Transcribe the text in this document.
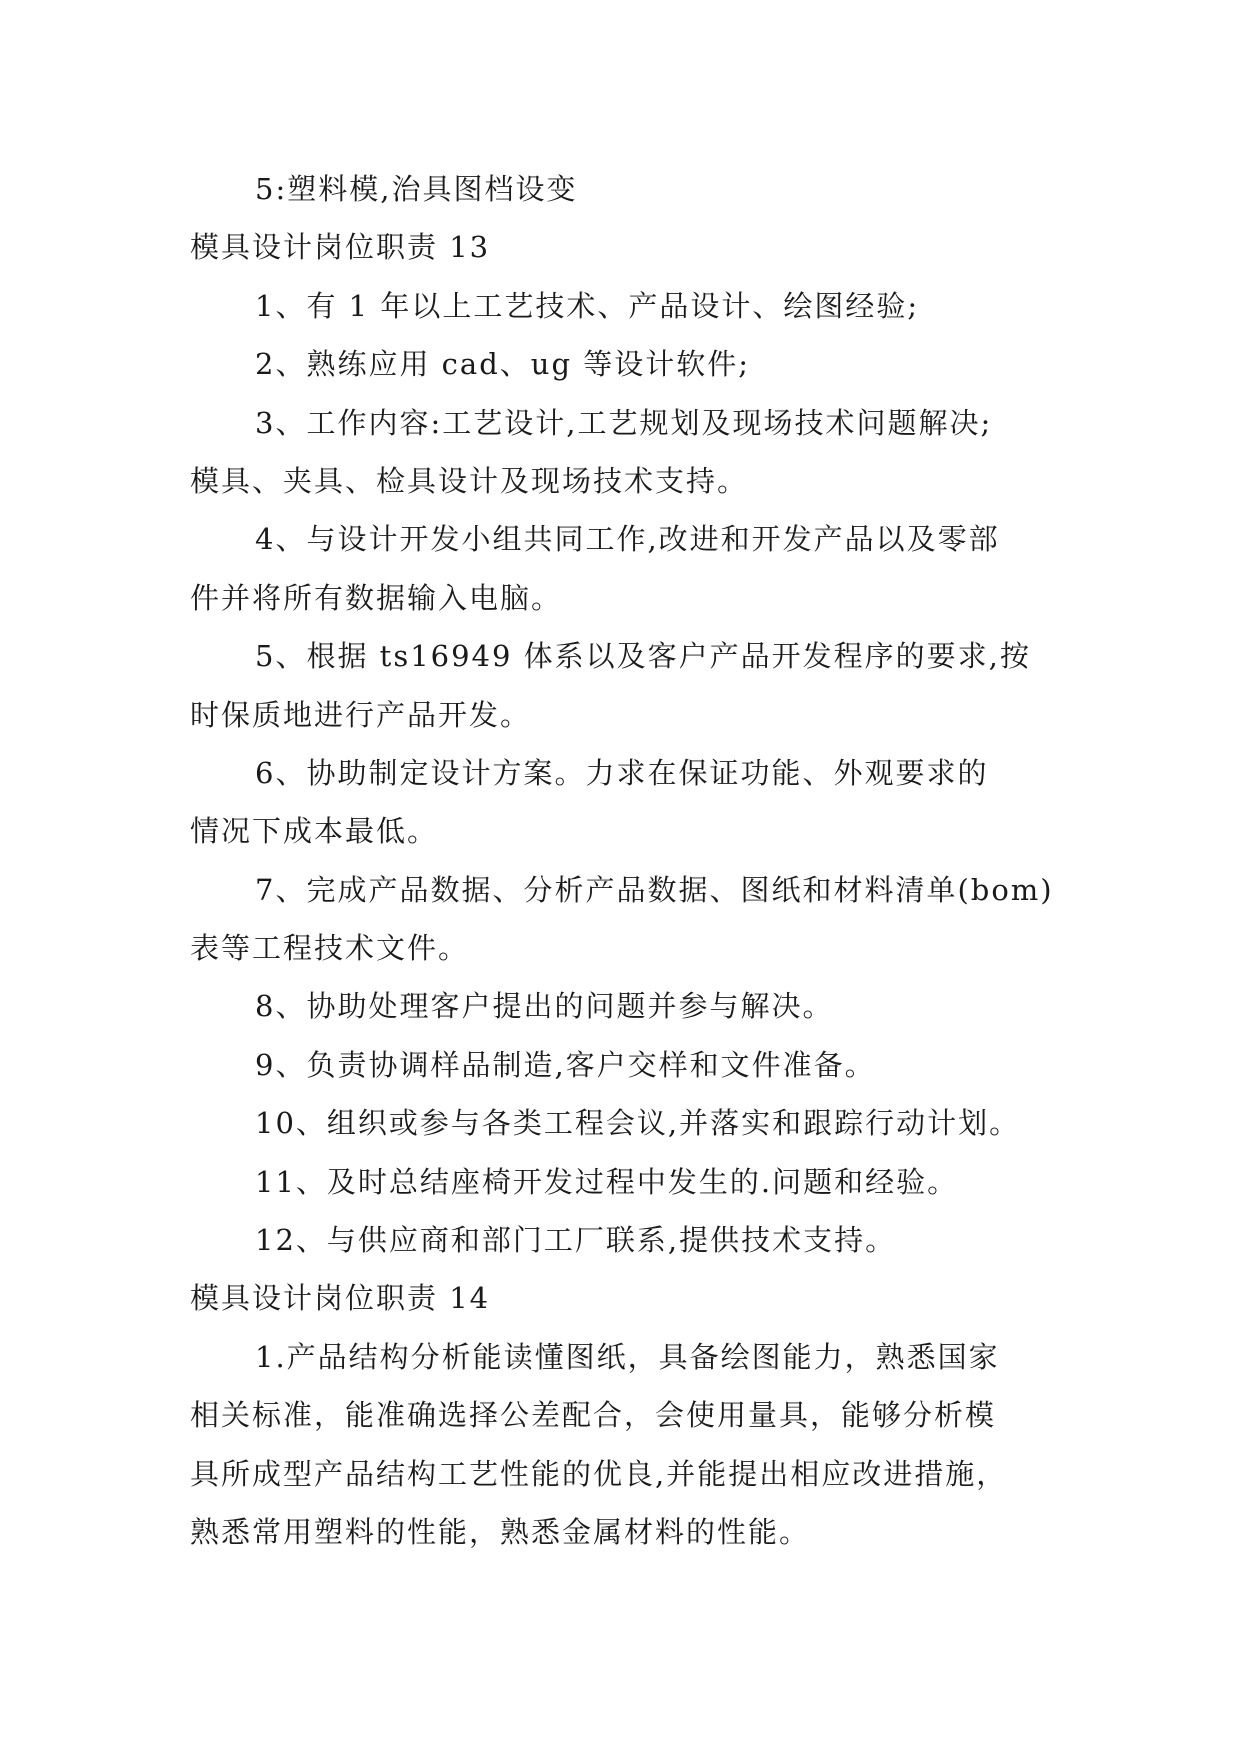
5:塑料模,治具图档设变
模具设计岗位职责 13
1、有 1 年以上工艺技术、产品设计、绘图经验;
2、熟练应用 cad、ug 等设计软件;
3、工作内容:工艺设计,工艺规划及现场技术问题解决;
模具、夹具、检具设计及现场技术支持。
4、与设计开发小组共同工作,改进和开发产品以及零部
件并将所有数据输入电脑。
5、根据 ts16949 体系以及客户产品开发程序的要求,按
时保质地进行产品开发。
6、协助制定设计方案。力求在保证功能、外观要求的
情况下成本最低。
7、完成产品数据、分析产品数据、图纸和材料清单(bom)
表等工程技术文件。
8、协助处理客户提出的问题并参与解决。
9、负责协调样品制造,客户交样和文件准备。
10、组织或参与各类工程会议,并落实和跟踪行动计划。
11、及时总结座椅开发过程中发生的.问题和经验。
12、与供应商和部门工厂联系,提供技术支持。
模具设计岗位职责 14
1.产品结构分析能读懂图纸，具备绘图能力，熟悉国家
相关标准，能准确选择公差配合，会使用量具，能够分析模
具所成型产品结构工艺性能的优良,并能提出相应改进措施，
熟悉常用塑料的性能，熟悉金属材料的性能。
